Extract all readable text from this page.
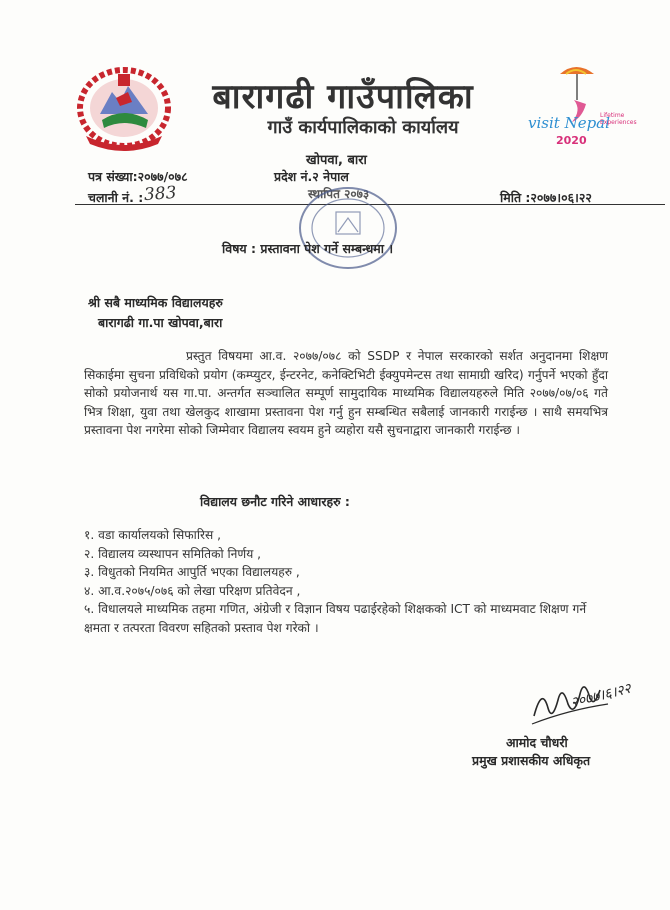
बारागढी गाउँपालिका
गाउँ कार्यपालिकाको कार्यालय	visit Nepal
Lifetime Experiences
2020
खोपवा, बारा
पत्र संख्या:२०७७/०७८	प्रदेश नं.२ नेपाल
चलानी नं. : 383	स्थापित २०७३	मिति :२०७७।०६।२२
विषय : प्रस्तावना पेश गर्ने सम्बन्धमा ।
श्री सबै माध्यमिक विद्यालयहरु
बारागढी गा.पा खोपवा,बारा
प्रस्तुत विषयमा आ.व. २०७७/०७८ को SSDP र नेपाल सरकारको सर्शत अनुदानमा शिक्षण सिकाईमा सुचना प्रविधिको प्रयोग (कम्प्युटर, ईन्टरनेट, कनेक्टिभिटी ईक्युपमेन्टस तथा सामाग्री खरिद) गर्नुपर्ने भएको हुँदा सोको प्रयोजनार्थ यस गा.पा. अन्तर्गत सञ्चालित सम्पूर्ण सामुदायिक माध्यमिक विद्यालयहरुले मिति २०७७/०७/०६ गते भित्र शिक्षा, युवा तथा खेलकुद शाखामा प्रस्तावना पेश गर्नु हुन सम्बन्धित सबैलाई जानकारी गराईन्छ । साथै समयभित्र प्रस्तावना पेश नगरेमा सोको जिम्मेवार विद्यालय स्वयम हुने व्यहोरा यसै सुचनाद्वारा जानकारी गराईन्छ ।
विद्यालय छनौट गरिने आधारहरु :
१. वडा कार्यालयको सिफारिस ,
२. विद्यालय व्यस्थापन समितिको निर्णय ,
३. विधुतको नियमित आपुर्ति भएका विद्यालयहरु ,
४. आ.व.२०७५/०७६ को लेखा परिक्षण प्रतिवेदन ,
५. विधालयले माध्यमिक तहमा गणित, अंग्रेजी र विज्ञान विषय पढाईरहेको शिक्षकको ICT को माध्यमवाट शिक्षण गर्ने क्षमता र तत्परता विवरण सहितको प्रस्ताव पेश गरेको ।
२०७७।६।२२
आमोद चौधरी
प्रमुख प्रशासकीय अधिकृत
